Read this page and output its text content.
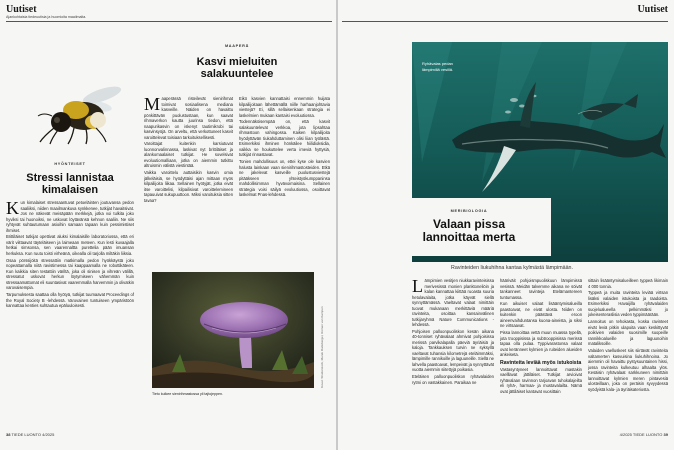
Uutiset
Ajankohtaisia tiedeuutisia ja huomioita maailmalta.
HYÖNTEISET
Stressi lannistaa
kimalaisen

Kun kimalaiset stressaantuvat petoeläinten joutuvansa pedon saaliiksi, niiden maailmankuva synkkenee, tutkijat havaitsivat. Jos ne näkevät meisäpään merkkejä, jotka voi tulkita joko hyviksi tai huonoiksi, ne uskovat löytävänsä kehnon saaliin. Ne siis ryhtyvät suhtautumaan asioihin samaan tapaan kuin pessimistiset ihmiset.

Brittiläiset tutkijat opettivat aluksi kimalaisille laboratoriossa, että eri värit viittaavat täyteläiseen ja laimeaan meteen. Kun lesti kuvaajalla hetkai simsonsa, sen vaarennaltta purettelia pään imuansan herkuksa. Kun ruutu toisti virheänä, oikealla oli tarjolla miltäkin liiksia.

Osaa pörssijöitä stressattiin matkimalla pedon hyökkäystä joko nopeattamalla niitä ravistimessa tai kaappaamalla ne robottikäteen. Kun kaikkia siten testattiin väriltä, joka oli sinisen ja vihreän välillä, stressatut uskovat herkun löytymiseen vähemmän kuin stressaamattomat eli suuntasivat vaaremmalla harvemmin ja olivatkin varovaisempia.

Tarpumuksesta saattaa olla hyötyä, tutkijat tuumaavat Proceedings of the Royal Society B -lehdessä. Varovainen tuntuiseen ympäristöön kannattaa kenties suhtautua epäluuloisesti.

MAAPERÄ
Kasvi mieluiten
salakuuntelee

Maaperässä risteilevät sienirihmat toimivat sosiaalisena mediana kasveille. Näiden on havaittu pönkittävän puolustustaan, kun saavat rihmaverkon kautta juurinsa tiedon, että naapurikasvin on iskenyt tautimikrobi tai kasvinsyöjä. On arveltu, että verkottuneet kasvit varoittelevat toisiaan tarkoituksellisesti.

Varoittajat kuitenkin karsiutuvat luonnonvalinnassa, laskivat nyt brittiläiset ja alankomaalaiset tutkijat. He sovelsivat evoluutiomalliaan, jotka on aiemmin tutkittu altruismin välistä viestintää.

Vaikka varoittelu auttaisikin kasvin omia jälkeläisiä, se hyödyttäisi ajan mittaan myös kilpailijoita liikaa. Sellainen hyötyjät, jotka eivät itse varoittelisi, kilpailisivat varoittelemineen tapauuivat sukupuuttoon. Miksi varoituksia sitten tavaa?

Eikö kasvien kannattaisi ennemmin huijata kilpailijoitaan lähettämällä niille harhaanjohtavia viestejä? Ei, sillä sellaisenkaan strategia ei laskelmien mukaan kantaisi evoluutiossa.

Todennäköisempää on, että kasvit salakuuntelevat verkkoa, jota lipsahtaa rihmastoon vahingossa. Kaiken kilpailijoita hyödyttävän tiukahduttaminen olisi liian työlästä. Esimerkiksi ihminen hönkäilee hiilidioksidia, vaikka se houkuttelee verta imeviä hyttysiä, tutkijat rinnastavat.

Tonien mahdollisuus on, ettei kyse ole kasvien halusta lainkaan vaan sienirihmastosteiden. Etkä ne jakelevat kasveille puolustusviestejä pitääkseen yhteistyökumppaninsa mahdollisimman hyvävoimaisina. Sellainen strategia voisi säilyä evoluutiossa, osoittavat laskelmat Pnas-lehdessä.

Tieto kulkee sienirihmastossa yli tajtojeppen.
Kuvat: Shutterstock, Marek Rodeberger, Roman van Kampen
38 TIEDE LUONTO 4/2025
Uutiset
Ryhävalas pedan
lämpimillä vesillä.
MERIBIOLOGIA
Valaan pissa
lannoittaa merta
Ravinteiden liukuhihna kantaa kylmästä lämpimään.

Lämpimien vesitjen niukkaravinteisissa merivesissä monien planktoneliöin ja kalan kannattaa kiittää ruoasta suuria hetulavalaita, jotka käyvät siellä synnyttämässä. Vaeltavat valaat nimittäin tuovat mukanaan merkittäviä määriä ravinteita, osoittaa kansainvälinen tutkijaryhmä Nature Communications -lehdessä.

Pohjoisen palloonpuoliskon kesän aikana 40-tonniset ryhävalaat ahmivat pohjoisissa merissä parvikalapalla päeviä äyriäisiä ja kaloja. Tankkauksen turvin ne syksyllä vaeltavat tuhansia kilometrejä eteläimmäksi, lämpimille rannikoille ja laguuneille. Siellä ne lahvella paastoavat, lempeivät ja synnyttävät vuotta aiemmin siitettyjä poikasia.

Eteläisen palloonpuoliskon ryhävalaiden rytmi on vastakkainen. Paraikaa ne

hääriväit pohjoismpuoliskuun lämpimissä vesissä. Meidän talvemme aikana ne söivät tankanneet ravinteja Etelämantereen tuntumassa.

Kun aikuiset valaat lisääntymisalueilla paastoavat, ne eivät ulosta. Niiden on kuitenkin päästävä eroon aineenvaihduntansa kuona-aineista, ja siksi ne virtsaavat.

Pissa lannoittaa vettä muun muassa typellä, jota trooppisissa ja subtrooppisissa merissä tapaa olla pulaa. Typpivarastonsa valaat ovat keränneet kylmien ja ruiteiden alueiden ankeiseta.

Ravinteita leviää myös istukoista

Vastasyntyneet lannoittavat mastakin vaelllavat jättiläiset. Tutkijat arvioivat ryhävalaan ravinnon tarjoavan tuhokalajeilta eli ryhä-, harmaa- ja mustavalailta. Nämä ovat jättiläiset kantavat vuosittain

sittain lisääntymisalueilleen typpeä likimain 4 000 tonnia.

Typpeä ja muita ravinteita leviää virtsan lisäksi valaiden istukoista ja raadoista. Esimerkiksi Havaijilla ryhävalaiden suojelualueella pelkimmäksi jo jokeisenteraslisia veden typpimäärään.

Lannoitus on tehokasta, koska ravinteet eivät leviä pitkin ulapoita vaan keskittyvät poikivien valaiden suosimille suopeille rannikkoalueille ja laguunoihin mataliksoille.

Valaiden vaelluskeet siis siirtävät ravinteita valtamerten kasvuisina liukuhihnoina. Jo aiemmin oli havaittu pystysuuntainen hissi, jossa ravinteita kulkeutuu alhaalta ylös. Kesäisin ryhävalaat sarkkuneen nimittäin lannoittavat kylmien meren pintavesiä ulosteillaan, joka on peräisin syvyydessä syödyistä kala- ja äyriäisateriosta.

4/2025 TIEDE LUONTO 39
